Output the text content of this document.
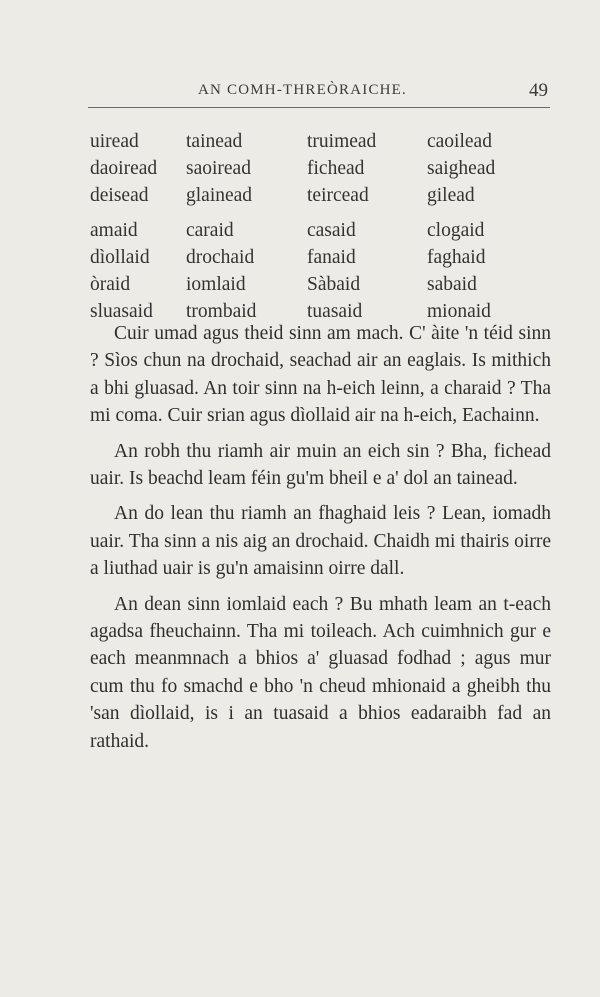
AN COMH-THREÒRAICHE.	49
uiread	tainead	truimead	caoilead
daoiread	saoiread	fichead	saighead
deisead	glainead	teircead	gilead

amaid	caraid	casaid	clogaid
dìollaid	drochaid	fanaid	faghaid
òraid	iomlaid	Sàbaid	sabaid
sluasaid	trombaid	tuasaid	mionaid

Cuir umad agus theid sinn am mach. C' àite 'n téid sinn ? Sìos chun na drochaid, seachad air an eaglais. Is mithich a bhi gluasad. An toir sinn na h-eich leinn, a charaid ? Tha mi coma. Cuir srian agus dìollaid air na h-eich, Eachainn.

An robh thu riamh air muin an eich sin ? Bha, fichead uair. Is beachd leam féin gu'm bheil e a' dol an tainead.

An do lean thu riamh an fhaghaid leis ? Lean, iomadh uair. Tha sinn a nis aig an drochaid. Chaidh mi thairis oirre a liuthad uair is gu'n amaisinn oirre dall.

An dean sinn iomlaid each ? Bu mhath leam an t-each agadsa fheuchainn. Tha mi toileach. Ach cuimhnich gur e each meanmnach a bhios a' gluasad fodhad ; agus mur cum thu fo smachd e bho 'n cheud mhionaid a gheibh thu 'san dìollaid, is i an tuasaid a bhios eadaraibh fad an rathaid.
